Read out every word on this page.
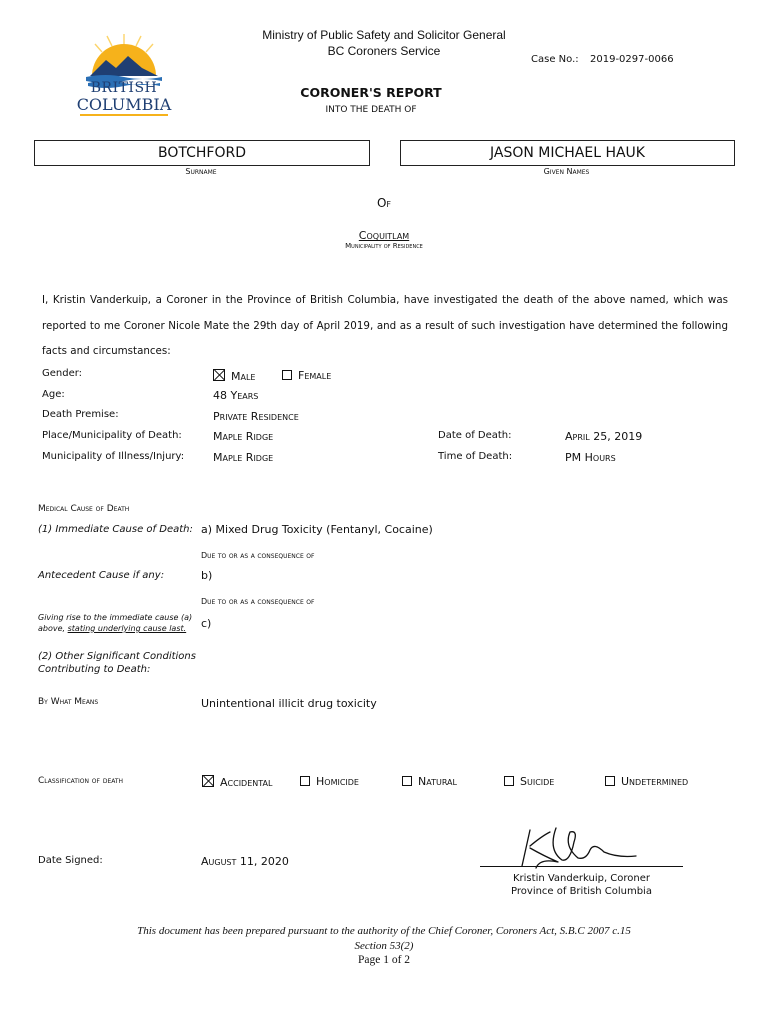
BRITISH
COLUMBIA
Ministry of Public Safety and Solicitor General
BC Coroners Service
Case No.: 2019-0297-0066
CORONER'S REPORT
INTO THE DEATH OF
BOTCHFORD
Surname
JASON MICHAEL HAUK
Given Names
Of
Coquitlam
Municipality of Residence
I, Kristin Vanderkuip, a Coroner in the Province of British Columbia, have investigated the death of the above named, which was reported to me Coroner Nicole Mate the 29th day of April 2019, and as a result of such investigation have determined the following facts and circumstances:
Gender:	Male	Female
Age:	48 Years
Death Premise:	Private Residence
Place/Municipality of Death:	Maple Ridge	Date of Death:	April 25, 2019
Municipality of Illness/Injury:	Maple Ridge	Time of Death:	PM Hours
Medical Cause of Death
(1) Immediate Cause of Death: a) Mixed Drug Toxicity (Fentanyl, Cocaine)
Due to or as a consequence of
Antecedent Cause if any:	b)
Due to or as a consequence of
Giving rise to the immediate cause (a)
above, stating underlying cause last.	c)
(2) Other Significant Conditions
Contributing to Death:
By What Means	Unintentional illicit drug toxicity
Classification of death	Accidental	Homicide	Natural	Suicide	Undetermined
Date Signed:	August 11, 2020
Kristin Vanderkuip, Coroner
Province of British Columbia
This document has been prepared pursuant to the authority of the Chief Coroner, Coroners Act, S.B.C 2007 c.15
Section 53(2)
Page 1 of 2
